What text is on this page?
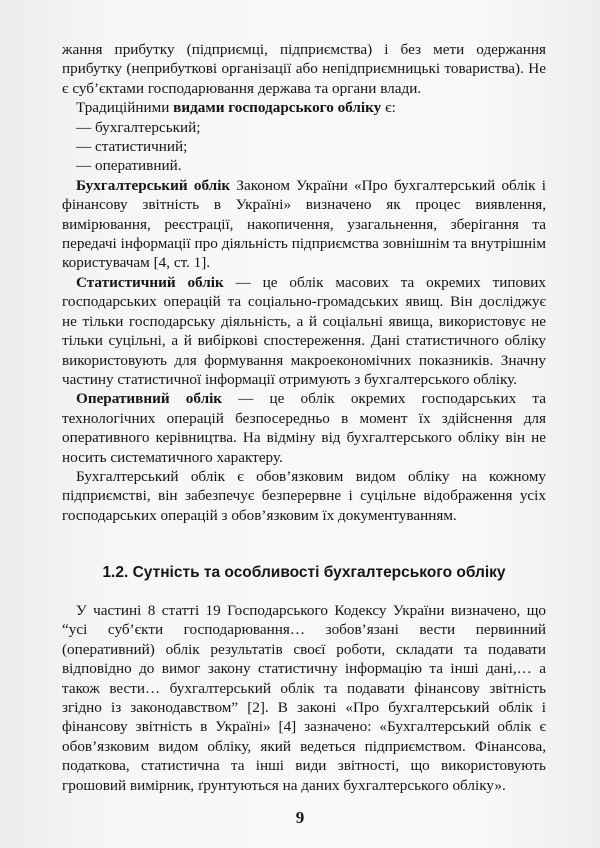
жання прибутку (підприємці, підприємства) і без мети одержання прибутку (неприбуткові організації або непідприємницькі товариства). Не є суб’єктами господарювання держава та органи влади.

Традиційними видами господарського обліку є:

— бухгалтерський;

— статистичний;

— оперативний.

Бухгалтерський облік Законом України «Про бухгалтерський облік і фінансову звітність в Україні» визначено як процес виявлення, вимірювання, реєстрації, накопичення, узагальнення, зберігання та передачі інформації про діяльність підприємства зовнішнім та внутрішнім користувачам [4, ст. 1].

Статистичний облік — це облік масових та окремих типових господарських операцій та соціально-громадських явищ. Він досліджує не тільки господарську діяльність, а й соціальні явища, використовує не тільки суцільні, а й вибіркові спостереження. Дані статистичного обліку використовують для формування макроекономічних показників. Значну частину статистичної інформації отримують з бухгалтерського обліку.

Оперативний облік — це облік окремих господарських та технологічних операцій безпосередньо в момент їх здійснення для оперативного керівництва. На відміну від бухгалтерського обліку він не носить систематичного характеру.

Бухгалтерський облік є обов’язковим видом обліку на кожному підприємстві, він забезпечує безперервне і суцільне відображення усіх господарських операцій з обов’язковим їх документуванням.

1.2. Сутність та особливості бухгалтерського обліку

У частині 8 статті 19 Господарського Кодексу України визначено, що “усі суб’єкти господарювання… зобов’язані вести первинний (оперативний) облік результатів своєї роботи, складати та подавати відповідно до вимог закону статистичну інформацію та інші дані,… а також вести… бухгалтерський облік та подавати фінансову звітність згідно із законодавством” [2]. В законі «Про бухгалтерський облік і фінансову звітність в Україні» [4] зазначено: «Бухгалтерський облік є обов’язковим видом обліку, який ведеться підприємством. Фінансова, податкова, статистична та інші види звітності, що використовують грошовий вимірник, ґрунтуються на даних бухгалтерського обліку».

9
